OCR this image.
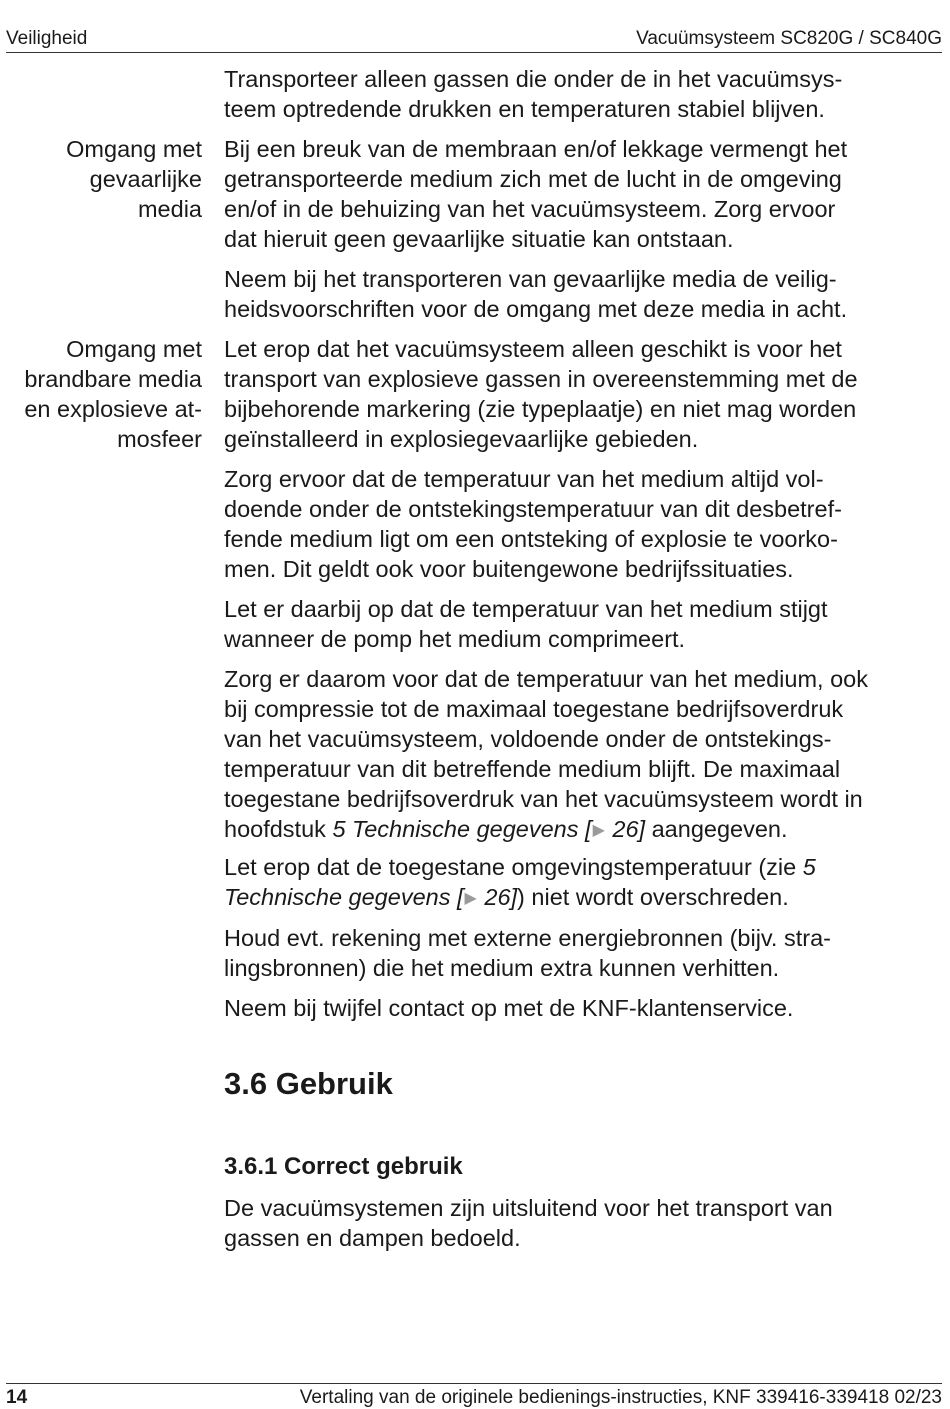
Veiligheid	Vacuümsysteem SC820G / SC840G
Omgang met
gevaarlijke
media
Omgang met
brandbare media
en explosieve at-
mosfeer
Transporteer alleen gassen die onder de in het vacuümsys-
teem optredende drukken en temperaturen stabiel blijven.
Bij een breuk van de membraan en/of lekkage vermengt het
getransporteerde medium zich met de lucht in de omgeving
en/of in de behuizing van het vacuümsysteem. Zorg ervoor
dat hieruit geen gevaarlijke situatie kan ontstaan.
Neem bij het transporteren van gevaarlijke media de veilig-
heidsvoorschriften voor de omgang met deze media in acht.
Let erop dat het vacuümsysteem alleen geschikt is voor het
transport van explosieve gassen in overeenstemming met de
bijbehorende markering (zie typeplaatje) en niet mag worden
geïnstalleerd in explosiegevaarlijke gebieden.
Zorg ervoor dat de temperatuur van het medium altijd vol-
doende onder de ontstekingstemperatuur van dit desbetref-
fende medium ligt om een ontsteking of explosie te voorko-
men. Dit geldt ook voor buitengewone bedrijfssituaties.
Let er daarbij op dat de temperatuur van het medium stijgt
wanneer de pomp het medium comprimeert.
Zorg er daarom voor dat de temperatuur van het medium, ook
bij compressie tot de maximaal toegestane bedrijfsoverdruk
van het vacuümsysteem, voldoende onder de ontstekings-
temperatuur van dit betreffende medium blijft. De maximaal
toegestane bedrijfsoverdruk van het vacuümsysteem wordt in
hoofdstuk 5 Technische gegevens [▶ 26] aangegeven.
Let erop dat de toegestane omgevingstemperatuur (zie 5
Technische gegevens [▶ 26]) niet wordt overschreden.
Houd evt. rekening met externe energiebronnen (bijv. stra-
lingsbronnen) die het medium extra kunnen verhitten.
Neem bij twijfel contact op met de KNF-klantenservice.
3.6 Gebruik
3.6.1 Correct gebruik
De vacuümsystemen zijn uitsluitend voor het transport van
gassen en dampen bedoeld.
14	Vertaling van de originele bedienings-instructies, KNF 339416-339418 02/23
